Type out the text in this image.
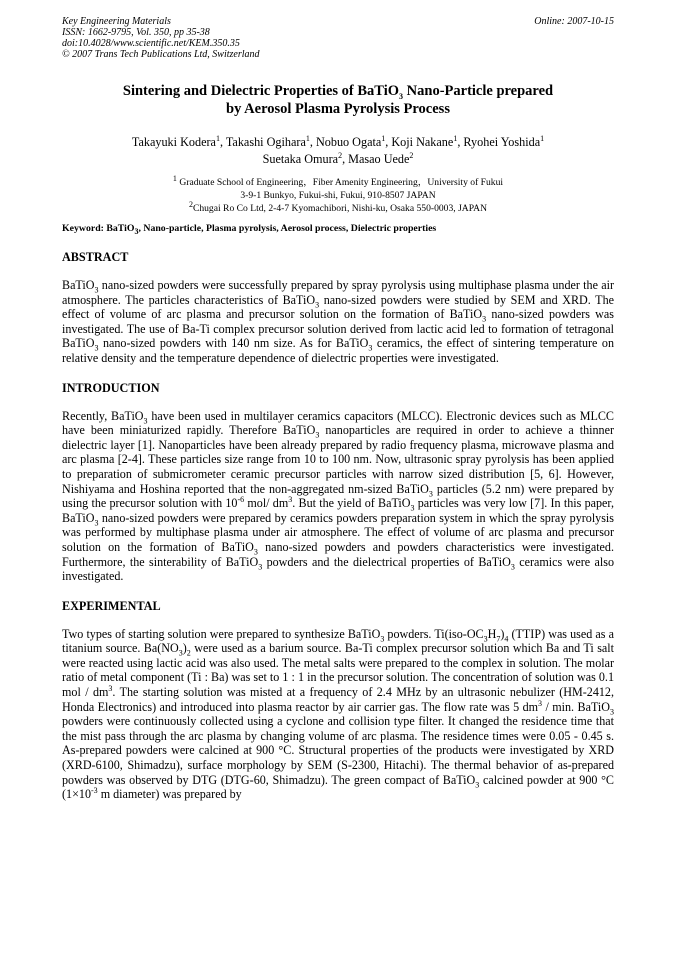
Key Engineering Materials
ISSN: 1662-9795, Vol. 350, pp 35-38
doi:10.4028/www.scientific.net/KEM.350.35
© 2007 Trans Tech Publications Ltd, Switzerland
Online: 2007-10-15
Sintering and Dielectric Properties of BaTiO$_3$ Nano-Particle prepared
by Aerosol Plasma Pyrolysis Process
Takayuki Kodera$^1$, Takashi Ogihara$^1$, Nobuo Ogata$^1$, Koji Nakane$^1$, Ryohei Yoshida$^1$
Suetaka Omura$^2$, Masao Uede$^2$
$^1$ Graduate School of Engineering，Fiber Amenity Engineering，University of Fukui
3-9-1 Bunkyo, Fukui-shi, Fukui, 910-8507 JAPAN
$^2$Chugai Ro Co Ltd, 2-4-7 Kyomachibori, Nishi-ku, Osaka 550-0003, JAPAN
Keyword: BaTiO$_3$, Nano-particle, Plasma pyrolysis, Aerosol process, Dielectric properties
ABSTRACT

BaTiO$_3$ nano-sized powders were successfully prepared by spray pyrolysis using multiphase plasma under the air atmosphere. The particles characteristics of BaTiO$_3$ nano-sized powders were studied by SEM and XRD. The effect of volume of arc plasma and precursor solution on the formation of BaTiO$_3$ nano-sized powders was investigated. The use of Ba-Ti complex precursor solution derived from lactic acid led to formation of tetragonal BaTiO$_3$ nano-sized powders with 140 nm size. As for BaTiO$_3$ ceramics, the effect of sintering temperature on relative density and the temperature dependence of dielectric properties were investigated.

INTRODUCTION

Recently, BaTiO$_3$ have been used in multilayer ceramics capacitors (MLCC). Electronic devices such as MLCC have been miniaturized rapidly. Therefore BaTiO$_3$ nanoparticles are required in order to achieve a thinner dielectric layer [1]. Nanoparticles have been already prepared by radio frequency plasma, microwave plasma and arc plasma [2-4]. These particles size range from 10 to 100 nm. Now, ultrasonic spray pyrolysis has been applied to preparation of submicrometer ceramic precursor particles with narrow sized distribution [5, 6]. However, Nishiyama and Hoshina reported that the non-aggregated nm-sized BaTiO$_3$ particles (5.2 nm) were prepared by using the precursor solution with $10^{-6}$ mol/ $dm^3$. But the yield of BaTiO$_3$ particles was very low [7]. In this paper, BaTiO$_3$ nano-sized powders were prepared by ceramics powders preparation system in which the spray pyrolysis was performed by multiphase plasma under air atmosphere. The effect of volume of arc plasma and precursor solution on the formation of BaTiO$_3$ nano-sized powders and powders characteristics were investigated. Furthermore, the sinterability of BaTiO$_3$ powders and the dielectrical properties of BaTiO$_3$ ceramics were also investigated.

EXPERIMENTAL

Two types of starting solution were prepared to synthesize BaTiO$_3$ powders. $Ti(iso-OC_3H_7)_4$ (TTIP) was used as a titanium source. $Ba(NO_3)_2$ were used as a barium source. Ba-Ti complex precursor solution which Ba and Ti salt were reacted using lactic acid was also used. The metal salts were prepared to the complex in solution. The molar ratio of metal component (Ti : Ba) was set to 1 : 1 in the precursor solution. The concentration of solution was 0.1 mol / $dm^3$. The starting solution was misted at a frequency of 2.4 MHz by an ultrasonic nebulizer (HM-2412, Honda Electronics) and introduced into plasma reactor by air carrier gas. The flow rate was 5 $dm^3$ / min. BaTiO$_3$ powders were continuously collected using a cyclone and collision type filter. It changed the residence time that the mist pass through the arc plasma by changing volume of arc plasma. The residence times were 0.05 - 0.45 s. As-prepared powders were calcined at 900 °C. Structural properties of the products were investigated by XRD (XRD-6100, Shimadzu), surface morphology by SEM (S-2300, Hitachi). The thermal behavior of as-prepared powders was observed by DTG (DTG-60, Shimadzu). The green compact of BaTiO$_3$ calcined powder at 900 °C ($1\times 10^{-3}$ m diameter) was prepared by
